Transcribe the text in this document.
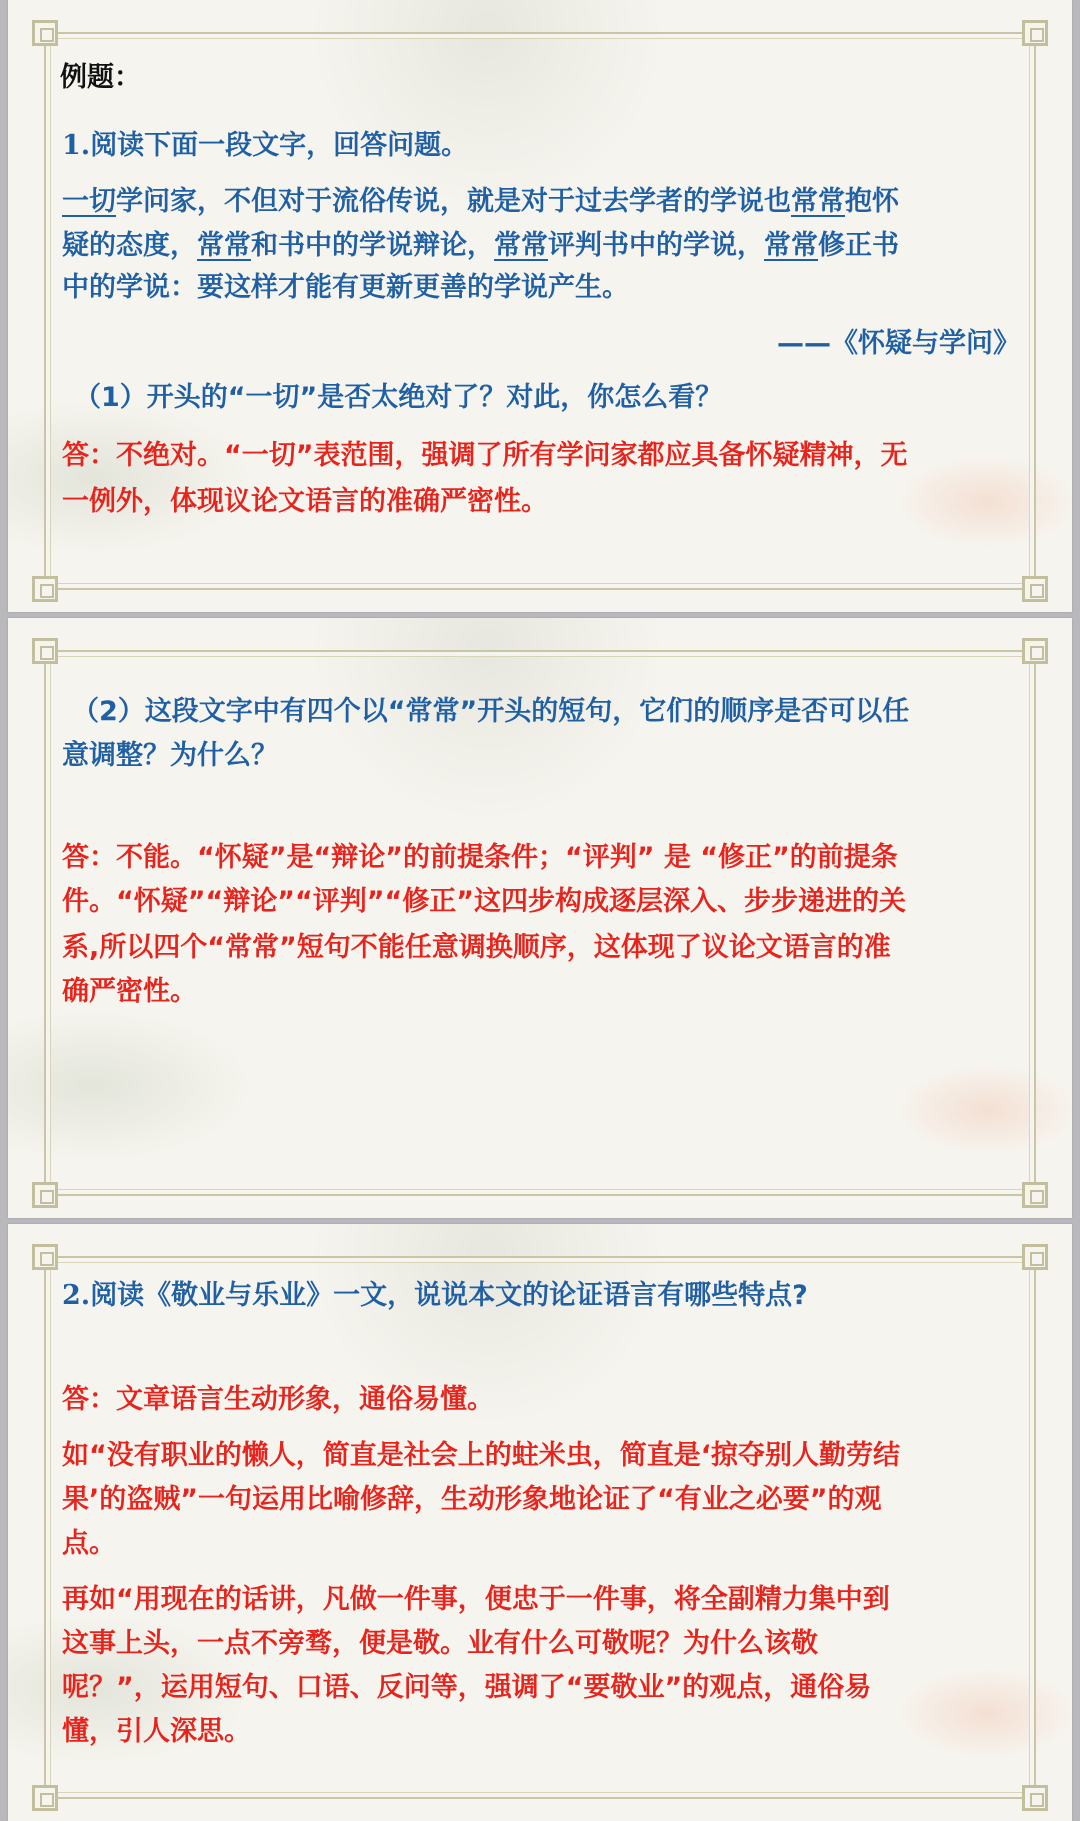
例题：

1.阅读下面一段文字，回答问题。

一切学问家，不但对于流俗传说，就是对于过去学者的学说也常常抱怀

疑的态度，常常和书中的学说辩论，常常评判书中的学说，常常修正书

中的学说：要这样才能有更新更善的学说产生。

——《怀疑与学问》

（1）开头的“一切”是否太绝对了？对此，你怎么看？

答：不绝对。“一切”表范围，强调了所有学问家都应具备怀疑精神，无

一例外，体现议论文语言的准确严密性。

（2）这段文字中有四个以“常常”开头的短句，它们的顺序是否可以任

意调整？为什么？

答：不能。“怀疑”是“辩论”的前提条件；“评判” 是 “修正”的前提条

件。“怀疑”“辩论”“评判”“修正”这四步构成逐层深入、步步递进的关

系,所以四个“常常”短句不能任意调换顺序，这体现了议论文语言的准

确严密性。

2.阅读《敬业与乐业》一文，说说本文的论证语言有哪些特点?

答：文章语言生动形象，通俗易懂。

如“没有职业的懒人，简直是社会上的蛀米虫，简直是‘掠夺别人勤劳结

果’的盗贼”一句运用比喻修辞，生动形象地论证了“有业之必要”的观

点。

再如“用现在的话讲，凡做一件事，便忠于一件事，将全副精力集中到

这事上头，一点不旁骛，便是敬。业有什么可敬呢？为什么该敬

呢？”，运用短句、口语、反问等，强调了“要敬业”的观点，通俗易

懂，引人深思。
